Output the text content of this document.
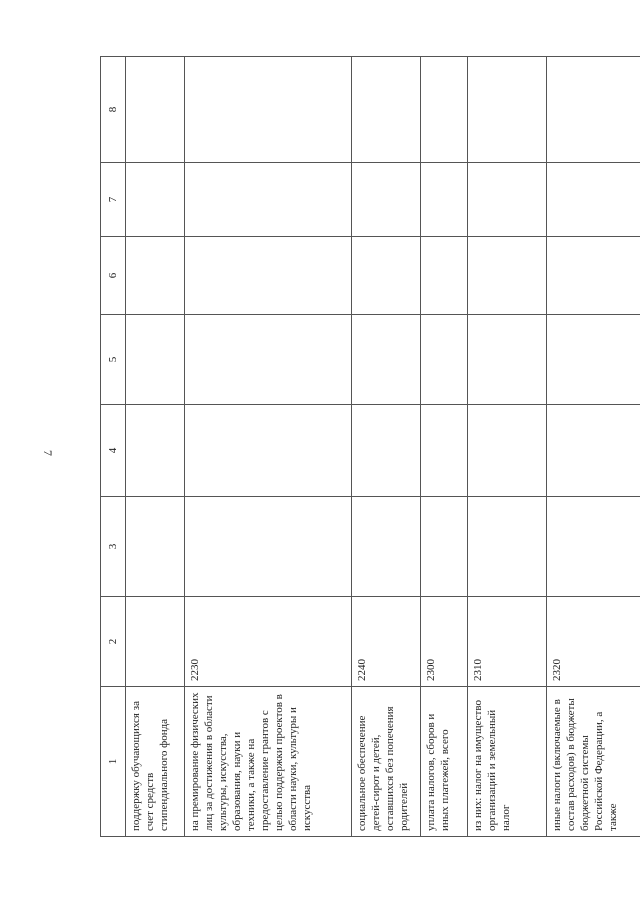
7
1	2	3	4	5	6	7	8
поддержку обучающихся за счет средств стипендиального фонда							
на премирование физических лиц за достижения в области культуры, искусства, образования, науки и техники, а также на предоставление грантов с целью поддержки проектов в области науки, культуры и искусства	2230						
социальное обеспечение детей-сирот и детей, оставшихся без попечения родителей	2240						
уплата налогов, сборов и иных платежей, всего	2300						
из них: налог на имущество организаций и земельный налог	2310						
иные налоги (включаемые в состав расходов) в бюджеты бюджетной системы Российской Федерации, а также	2320						
